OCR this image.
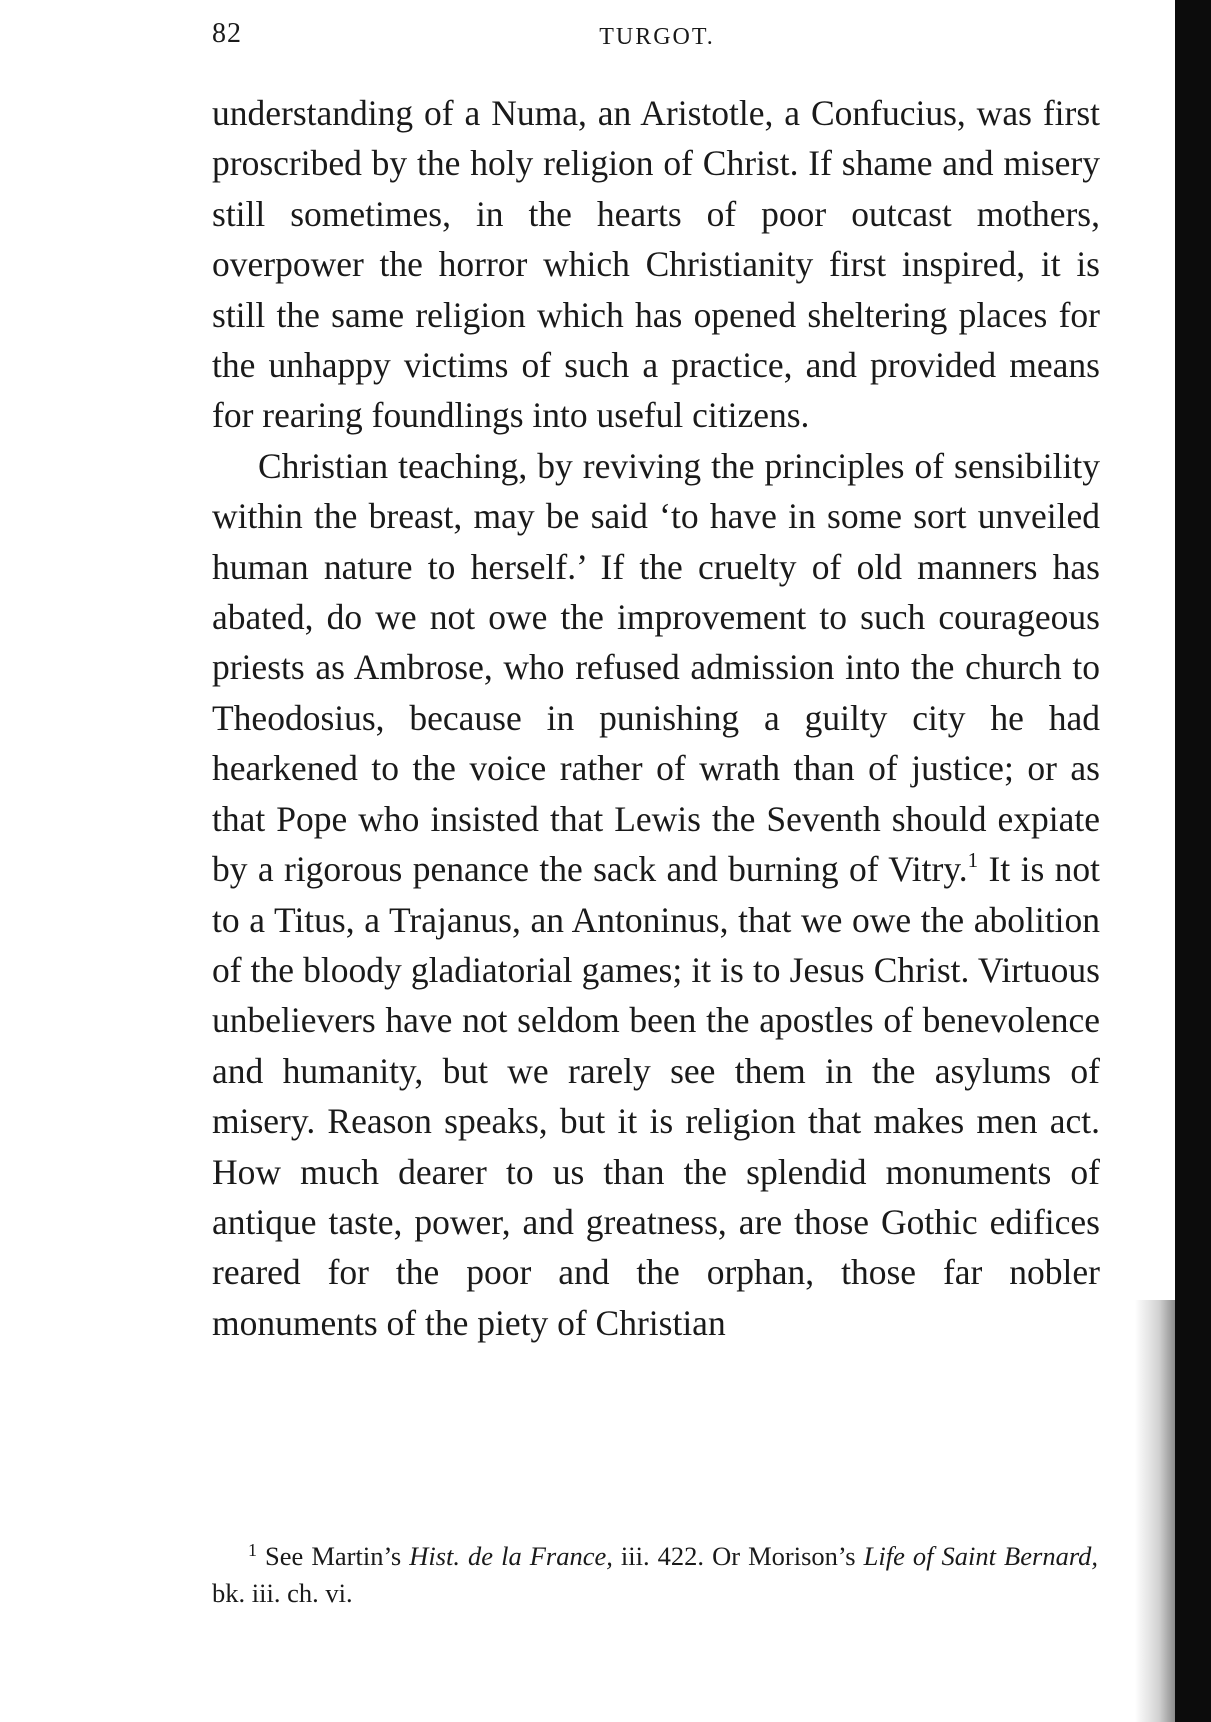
82	TURGOT.

understanding of a Numa, an Aristotle, a Confucius, was first proscribed by the holy religion of Christ. If shame and misery still sometimes, in the hearts of poor outcast mothers, overpower the horror which Christianity first inspired, it is still the same religion which has opened sheltering places for the unhappy victims of such a practice, and provided means for rearing foundlings into useful citizens.

Christian teaching, by reviving the principles of sensibility within the breast, may be said ‘to have in some sort unveiled human nature to herself.’ If the cruelty of old manners has abated, do we not owe the improvement to such courageous priests as Ambrose, who refused admission into the church to Theodosius, because in punishing a guilty city he had hearkened to the voice rather of wrath than of justice; or as that Pope who insisted that Lewis the Seventh should expiate by a rigorous penance the sack and burning of Vitry.$^1$ It is not to a Titus, a Trajanus, an Antoninus, that we owe the abolition of the bloody gladiatorial games; it is to Jesus Christ. Virtuous unbelievers have not seldom been the apostles of benevolence and humanity, but we rarely see them in the asylums of misery. Reason speaks, but it is religion that makes men act. How much dearer to us than the splendid monuments of antique taste, power, and greatness, are those Gothic edifices reared for the poor and the orphan, those far nobler monuments of the piety of Christian

$^1$ See Martin’s Hist. de la France, iii. 422. Or Morison’s Life of Saint Bernard, bk. iii. ch. vi.
